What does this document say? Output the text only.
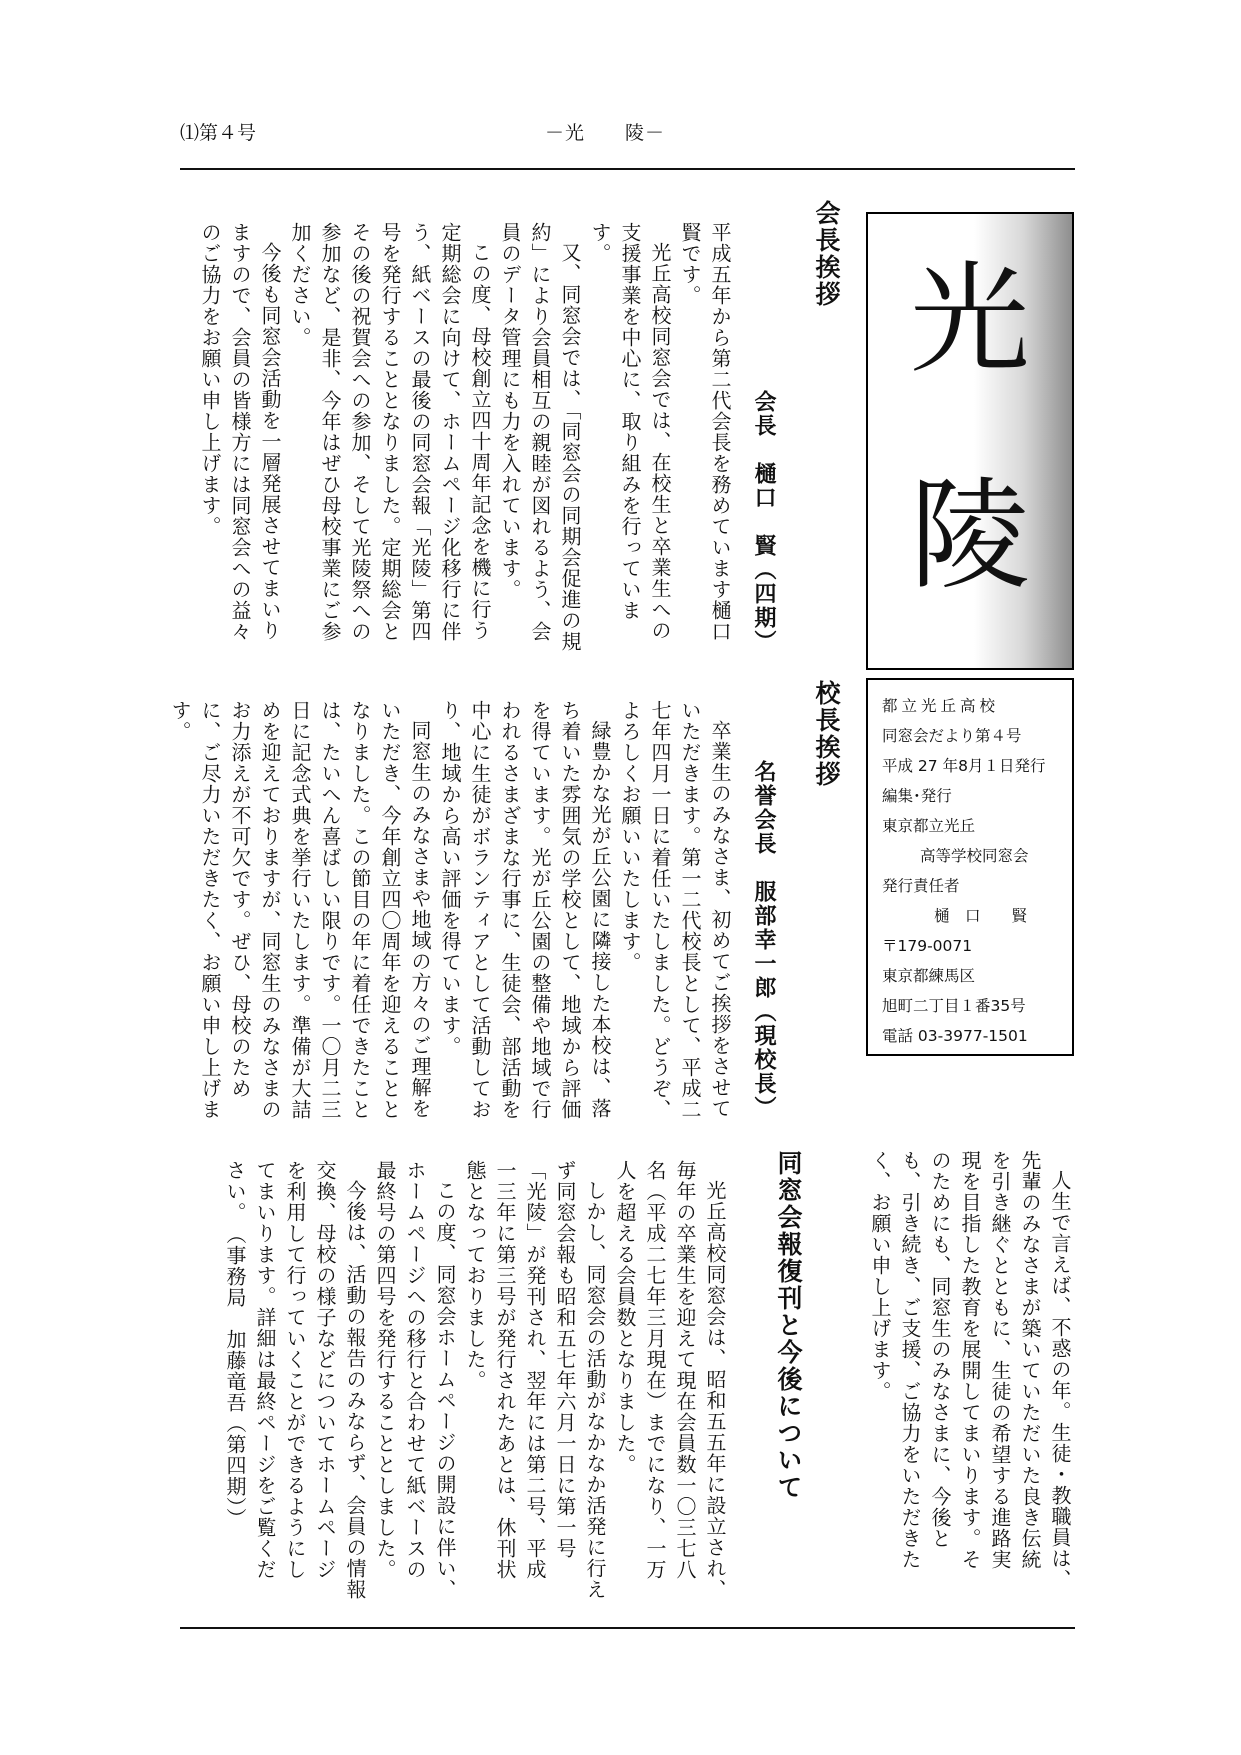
⑴第４号	－光　　陵－
光
陵
都立光丘高校
同窓会だより第４号
平成 27 年8月１日発行
編集･発行
東京都立光丘
高等学校同窓会
発行責任者
樋　口　　賢
〒179-0071
東京都練馬区
旭町二丁目１番35号
電話 03-3977-1501
会長挨拶
会長　樋口　賢（四期）

平成五年から第二代会長を務めています樋口賢です。

光丘高校同窓会では、在校生と卒業生への支援事業を中心に、取り組みを行っています。

又、同窓会では、「同窓会の同期会促進の規約」により会員相互の親睦が図れるよう、会員のデータ管理にも力を入れています。

この度、母校創立四十周年記念を機に行う定期総会に向けて、ホームページ化移行に伴う、紙ベースの最後の同窓会報「光陵」第四号を発行することとなりました。定期総会とその後の祝賀会への参加、そして光陵祭への参加など、是非、今年はぜひ母校事業にご参加ください。

今後も同窓会活動を一層発展させてまいりますので、会員の皆様方には同窓会への益々のご協力をお願い申し上げます。

校長挨拶
名誉会長　服部幸一郎（現校長）

卒業生のみなさま、初めてご挨拶をさせていただきます。第一二代校長として、平成二七年四月一日に着任いたしました。どうぞ、よろしくお願いいたします。

緑豊かな光が丘公園に隣接した本校は、落ち着いた雰囲気の学校として、地域から評価を得ています。光が丘公園の整備や地域で行われるさまざまな行事に、生徒会、部活動を中心に生徒がボランティアとして活動しており、地域から高い評価を得ています。

同窓生のみなさまや地域の方々のご理解をいただき、今年創立四〇周年を迎えることとなりました。この節目の年に着任できたことは、たいへん喜ばしい限りです。一〇月二三日に記念式典を挙行いたします。準備が大詰めを迎えておりますが、同窓生のみなさまのお力添えが不可欠です。ぜひ、母校のために、ご尽力いただきたく、お願い申し上げます。

人生で言えば、不惑の年。生徒・教職員は、先輩のみなさまが築いていただいた良き伝統を引き継ぐとともに、生徒の希望する進路実現を目指した教育を展開してまいります。そのためにも、同窓生のみなさまに、今後とも、引き続き、ご支援、ご協力をいただきたく、お願い申し上げます。

同窓会報復刊と今後について

光丘高校同窓会は、昭和五五年に設立され、毎年の卒業生を迎えて現在会員数一〇三七八名（平成二七年三月現在）までになり、一万人を超える会員数となりました。

しかし、同窓会の活動がなかなか活発に行えず同窓会報も昭和五七年六月一日に第一号「光陵」が発刊され、翌年には第二号、平成一三年に第三号が発行されたあとは、休刊状態となっておりました。

この度、同窓会ホームページの開設に伴い、ホームページへの移行と合わせて紙ベースの最終号の第四号を発行することとしました。

今後は、活動の報告のみならず、会員の情報交換、母校の様子などについてホームページを利用して行っていくことができるようにしてまいります。詳細は最終ページをご覧ください。　（事務局　加藤竜吾（第四期））
